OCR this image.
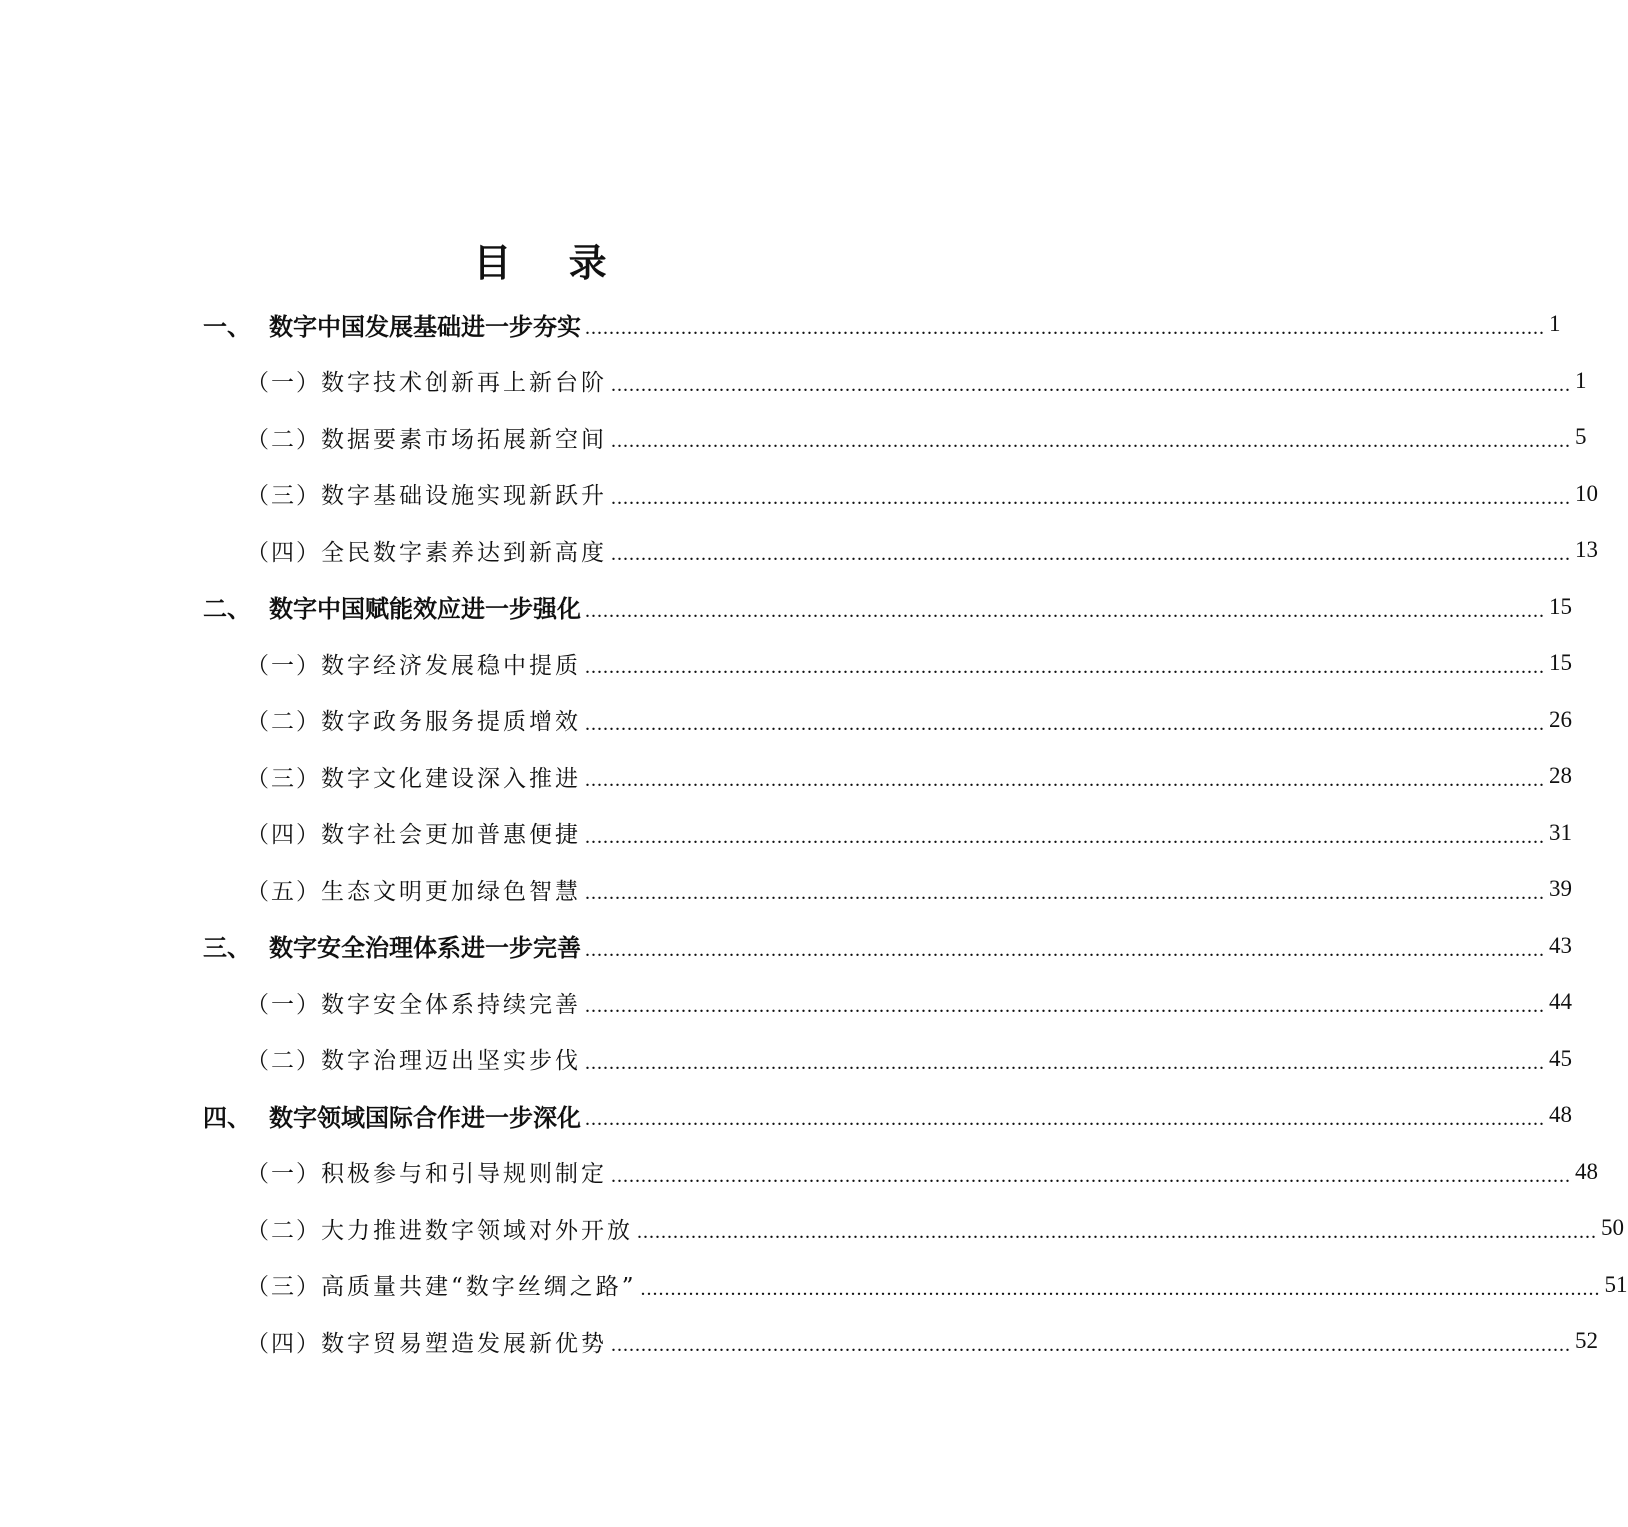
目 录
一、 数字中国发展基础进一步夯实 ................................................................................................................................................................ 1
（一） 数字技术创新再上新台阶 ................................................................................................................................................................ 1
（二） 数据要素市场拓展新空间 ................................................................................................................................................................ 5
（三） 数字基础设施实现新跃升 ................................................................................................................................................................ 10
（四） 全民数字素养达到新高度 ................................................................................................................................................................ 13
二、 数字中国赋能效应进一步强化 ................................................................................................................................................................ 15
（一） 数字经济发展稳中提质 ................................................................................................................................................................ 15
（二） 数字政务服务提质增效 ................................................................................................................................................................ 26
（三） 数字文化建设深入推进 ................................................................................................................................................................ 28
（四） 数字社会更加普惠便捷 ................................................................................................................................................................ 31
（五） 生态文明更加绿色智慧 ................................................................................................................................................................ 39
三、 数字安全治理体系进一步完善 ................................................................................................................................................................ 43
（一） 数字安全体系持续完善 ................................................................................................................................................................ 44
（二） 数字治理迈出坚实步伐 ................................................................................................................................................................ 45
四、 数字领域国际合作进一步深化 ................................................................................................................................................................ 48
（一） 积极参与和引导规则制定 ................................................................................................................................................................ 48
（二） 大力推进数字领域对外开放 ................................................................................................................................................................ 50
（三） 高质量共建“数字丝绸之路” ................................................................................................................................................................ 51
（四） 数字贸易塑造发展新优势 ................................................................................................................................................................ 52
